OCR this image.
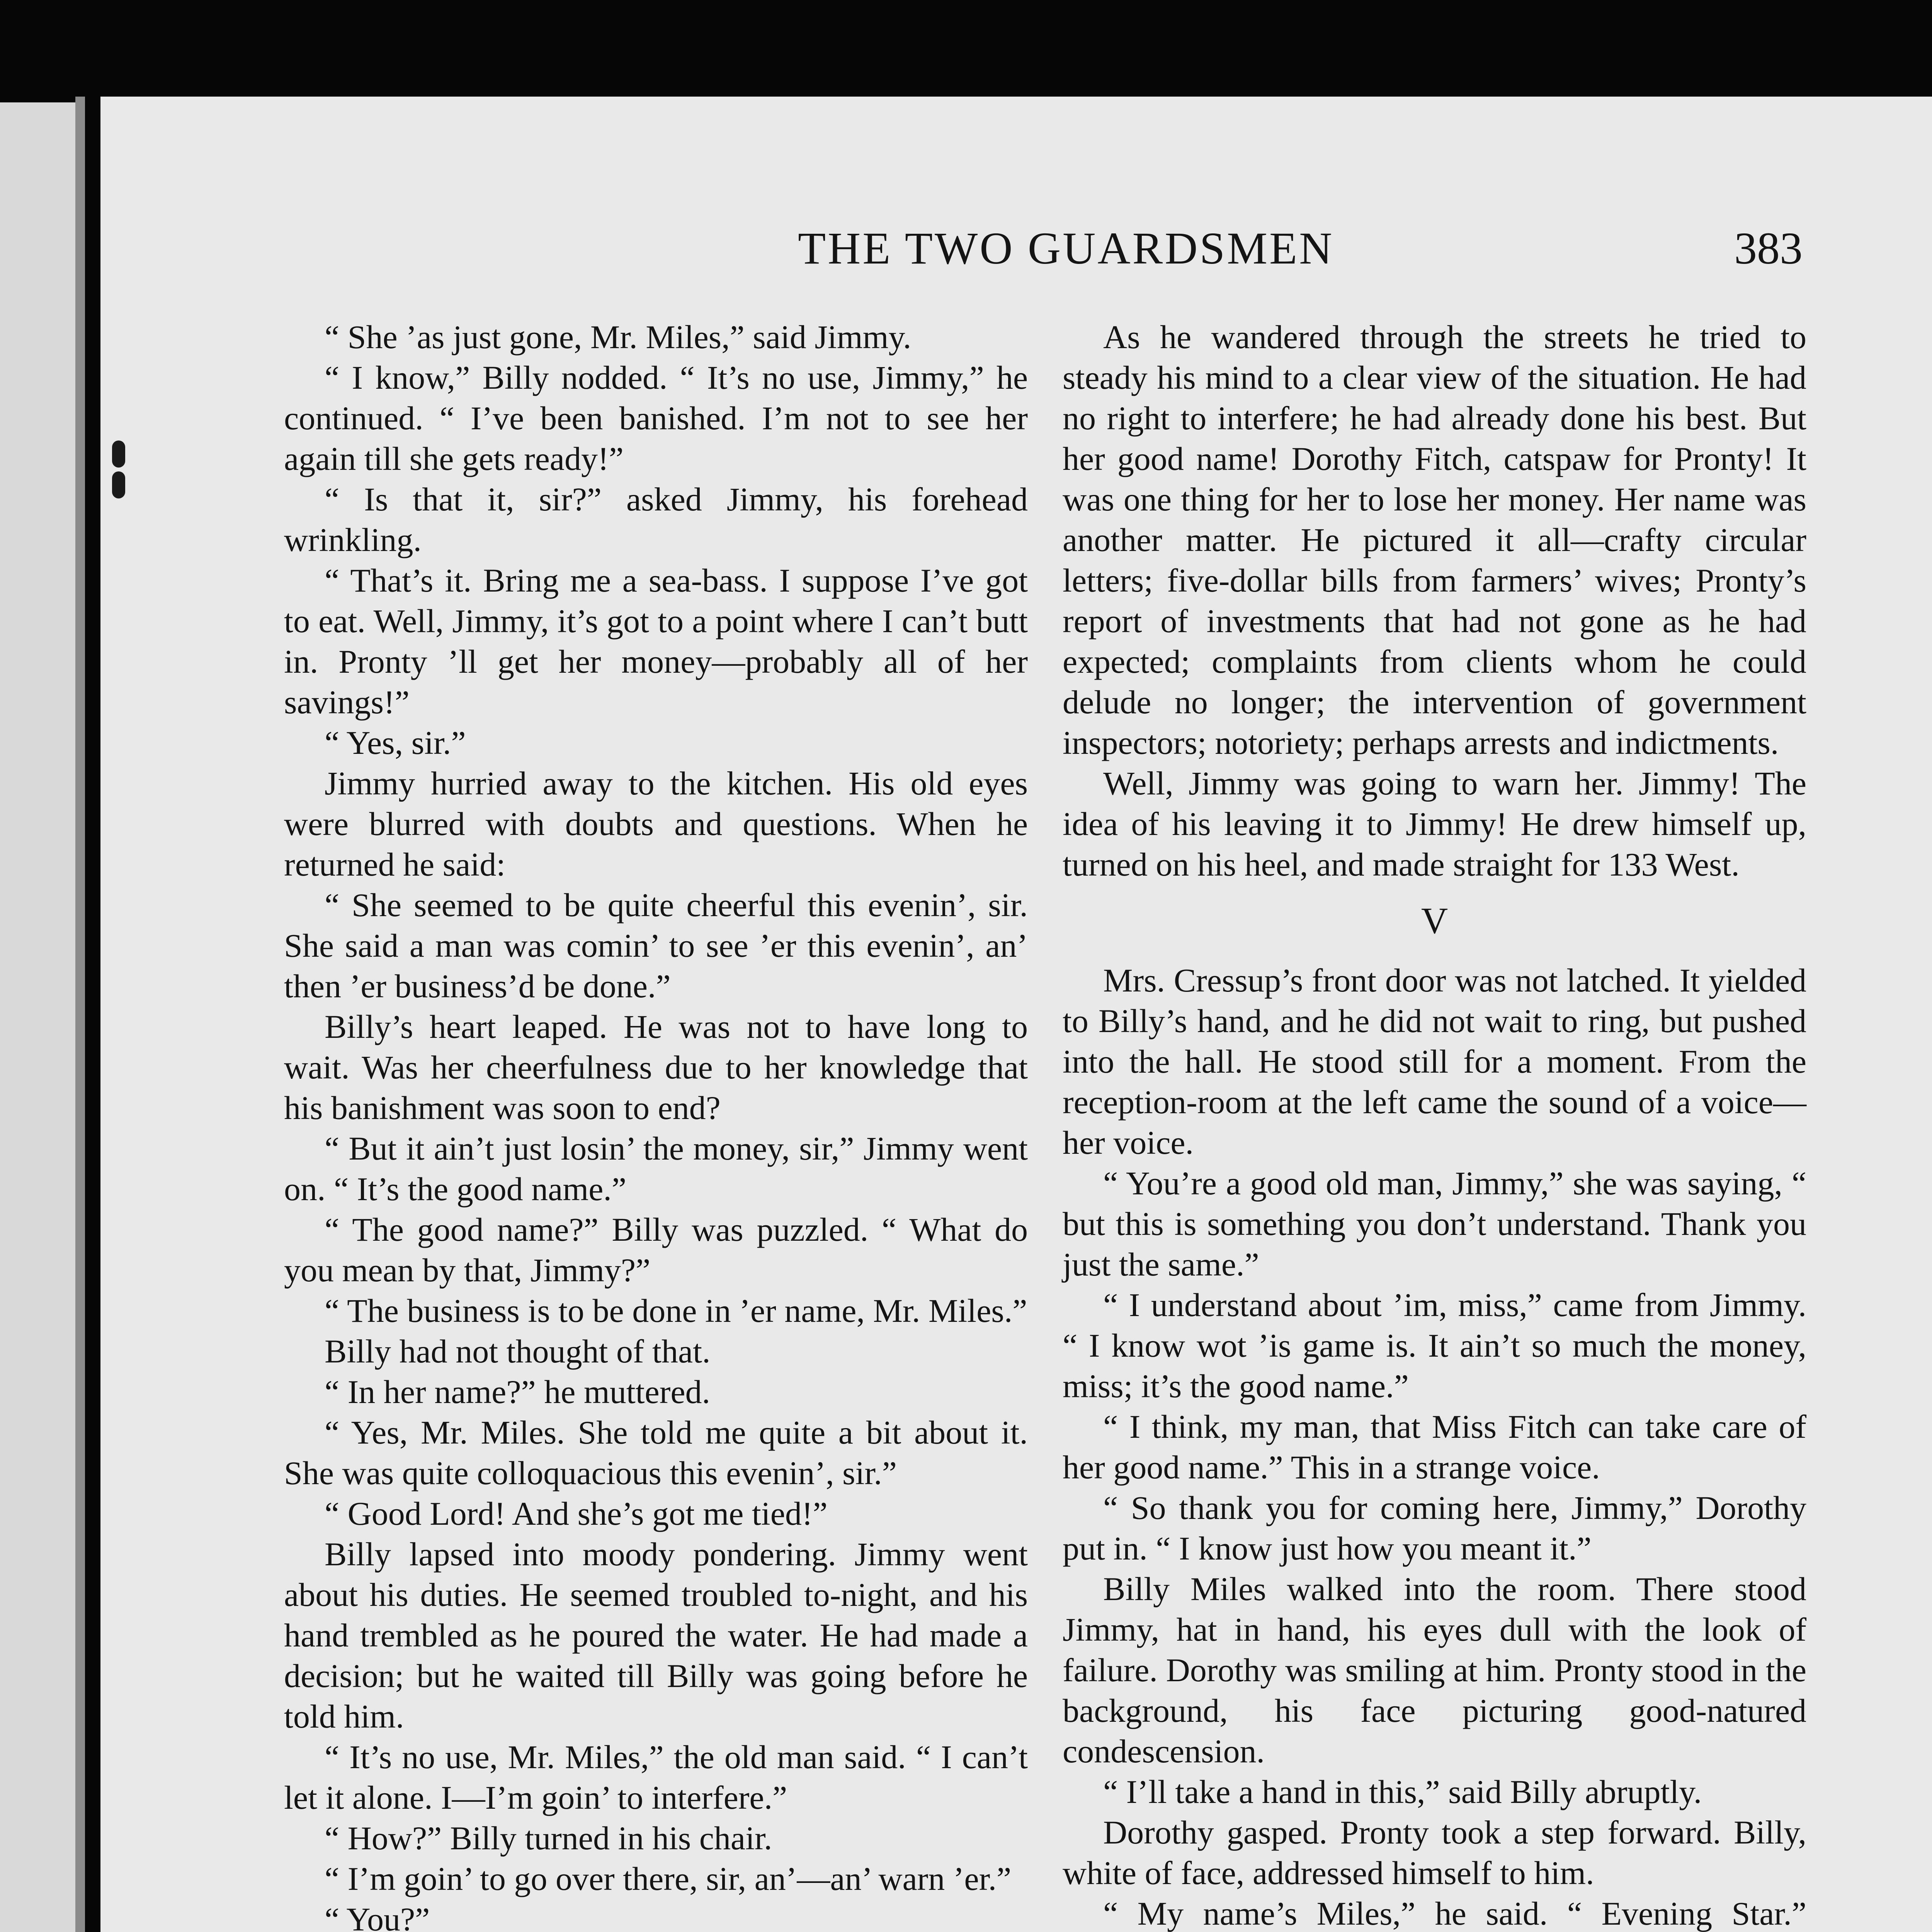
THE TWO GUARDSMEN	383

“ She ’as just gone, Mr. Miles,” said Jimmy.

“ I know,” Billy nodded. “ It’s no use, Jimmy,” he continued. “ I’ve been banished. I’m not to see her again till she gets ready!”

“ Is that it, sir?” asked Jimmy, his forehead wrinkling.

“ That’s it. Bring me a sea-bass. I suppose I’ve got to eat. Well, Jimmy, it’s got to a point where I can’t butt in. Pronty ’ll get her money—probably all of her savings!”

“ Yes, sir.”

Jimmy hurried away to the kitchen. His old eyes were blurred with doubts and questions. When he returned he said:

“ She seemed to be quite cheerful this evenin’, sir. She said a man was comin’ to see ’er this evenin’, an’ then ’er business’d be done.”

Billy’s heart leaped. He was not to have long to wait. Was her cheerfulness due to her knowledge that his banishment was soon to end?

“ But it ain’t just losin’ the money, sir,” Jimmy went on. “ It’s the good name.”

“ The good name?” Billy was puzzled. “ What do you mean by that, Jimmy?”

“ The business is to be done in ’er name, Mr. Miles.”

Billy had not thought of that.

“ In her name?” he muttered.

“ Yes, Mr. Miles. She told me quite a bit about it. She was quite colloquacious this evenin’, sir.”

“ Good Lord! And she’s got me tied!”

Billy lapsed into moody pondering. Jimmy went about his duties. He seemed troubled to-night, and his hand trembled as he poured the water. He had made a decision; but he waited till Billy was going before he told him.

“ It’s no use, Mr. Miles,” the old man said. “ I can’t let it alone. I—I’m goin’ to interfere.”

“ How?” Billy turned in his chair.

“ I’m goin’ to go over there, sir, an’—an’ warn ’er.”

“ You?”

As he wandered through the streets he tried to steady his mind to a clear view of the situation. He had no right to interfere; he had already done his best. But her good name! Dorothy Fitch, catspaw for Pronty! It was one thing for her to lose her money. Her name was another matter. He pictured it all—crafty circular letters; five-dollar bills from farmers’ wives; Pronty’s report of investments that had not gone as he had expected; complaints from clients whom he could delude no longer; the intervention of government inspectors; notoriety; perhaps arrests and indictments.

Well, Jimmy was going to warn her. Jimmy! The idea of his leaving it to Jimmy! He drew himself up, turned on his heel, and made straight for 133 West.

V

Mrs. Cressup’s front door was not latched. It yielded to Billy’s hand, and he did not wait to ring, but pushed into the hall. He stood still for a moment. From the reception-room at the left came the sound of a voice—her voice.

“ You’re a good old man, Jimmy,” she was saying, “ but this is something you don’t understand. Thank you just the same.”

“ I understand about ’im, miss,” came from Jimmy. “ I know wot ’is game is. It ain’t so much the money, miss; it’s the good name.”

“ I think, my man, that Miss Fitch can take care of her good name.” This in a strange voice.

“ So thank you for coming here, Jimmy,” Dorothy put in. “ I know just how you meant it.”

Billy Miles walked into the room. There stood Jimmy, hat in hand, his eyes dull with the look of failure. Dorothy was smiling at him. Pronty stood in the background, his face picturing good-natured condescension.

“ I’ll take a hand in this,” said Billy abruptly.

Dorothy gasped. Pronty took a step forward. Billy, white of face, addressed himself to him.

“ My name’s Miles,” he said. “ Evening Star.”
